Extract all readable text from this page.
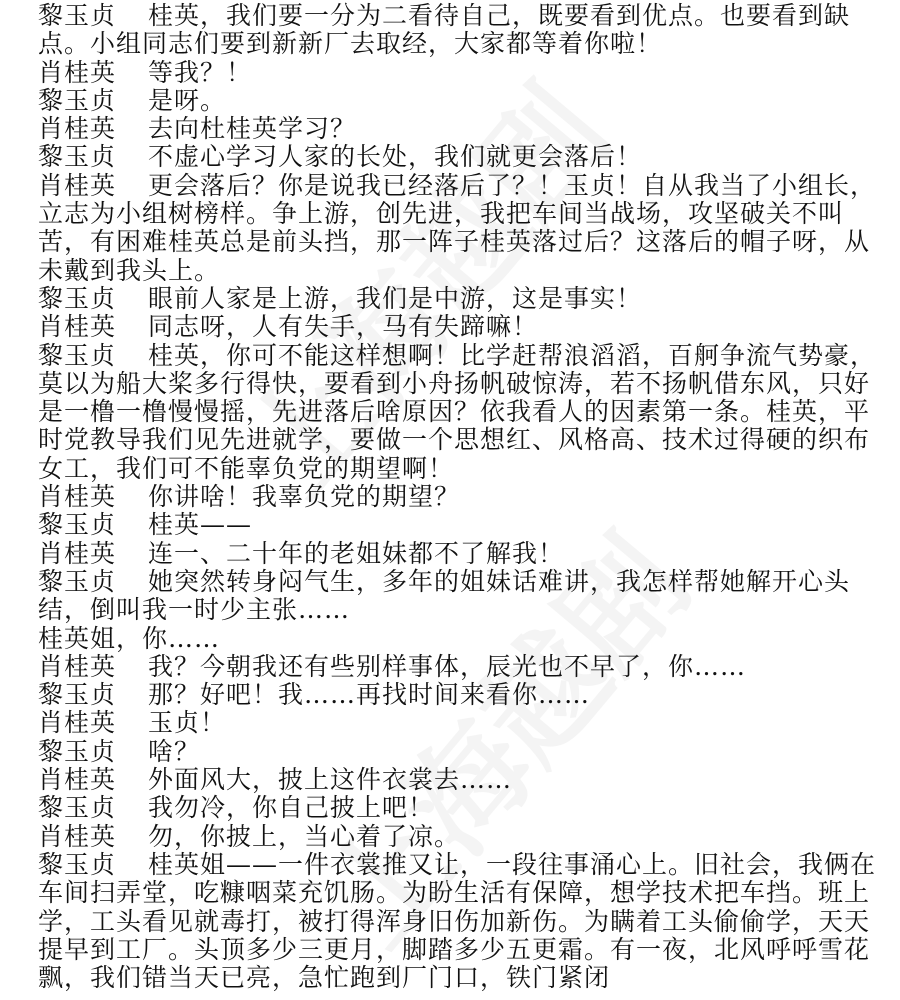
黎玉贞 桂英，我们要一分为二看待自己，既要看到优点。也要看到缺点。小组同志们要到新新厂去取经，大家都等着你啦！

肖桂英 等我？！

黎玉贞 是呀。

肖桂英 去向杜桂英学习？

黎玉贞 不虚心学习人家的长处，我们就更会落后！

肖桂英 更会落后？你是说我已经落后了？！玉贞！自从我当了小组长，立志为小组树榜样。争上游，创先进，我把车间当战场，攻坚破关不叫苦，有困难桂英总是前头挡，那一阵子桂英落过后？这落后的帽子呀，从未戴到我头上。

黎玉贞 眼前人家是上游，我们是中游，这是事实！

肖桂英 同志呀，人有失手，马有失蹄嘛！

黎玉贞 桂英，你可不能这样想啊！比学赶帮浪滔滔，百舸争流气势豪，莫以为船大桨多行得快，要看到小舟扬帆破惊涛，若不扬帆借东风，只好是一橹一橹慢慢摇，先进落后啥原因？依我看人的因素第一条。桂英，平时党教导我们见先进就学，要做一个思想红、风格高、技术过得硬的织布女工，我们可不能辜负党的期望啊！

肖桂英 你讲啥！我辜负党的期望？

黎玉贞 桂英——

肖桂英 连一、二十年的老姐妹都不了解我！

黎玉贞 她突然转身闷气生，多年的姐妹话难讲，我怎样帮她解开心头结，倒叫我一时少主张……

桂英姐，你……

肖桂英 我？今朝我还有些别样事体，辰光也不早了，你……

黎玉贞 那？好吧！我……再找时间来看你……

肖桂英 玉贞！

黎玉贞 啥？

肖桂英 外面风大，披上这件衣裳去……

黎玉贞 我勿冷，你自己披上吧！

肖桂英 勿，你披上，当心着了凉。

黎玉贞 桂英姐——一件衣裳推又让，一段往事涌心上。旧社会，我俩在车间扫弄堂，吃糠咽菜充饥肠。为盼生活有保障，想学技术把车挡。班上学，工头看见就毒打，被打得浑身旧伤加新伤。为瞒着工头偷偷学，天天提早到工厂。头顶多少三更月，脚踏多少五更霜。有一夜，北风呼呼雪花飘，我们错当天已亮，急忙跑到厂门口，铁门紧闭
